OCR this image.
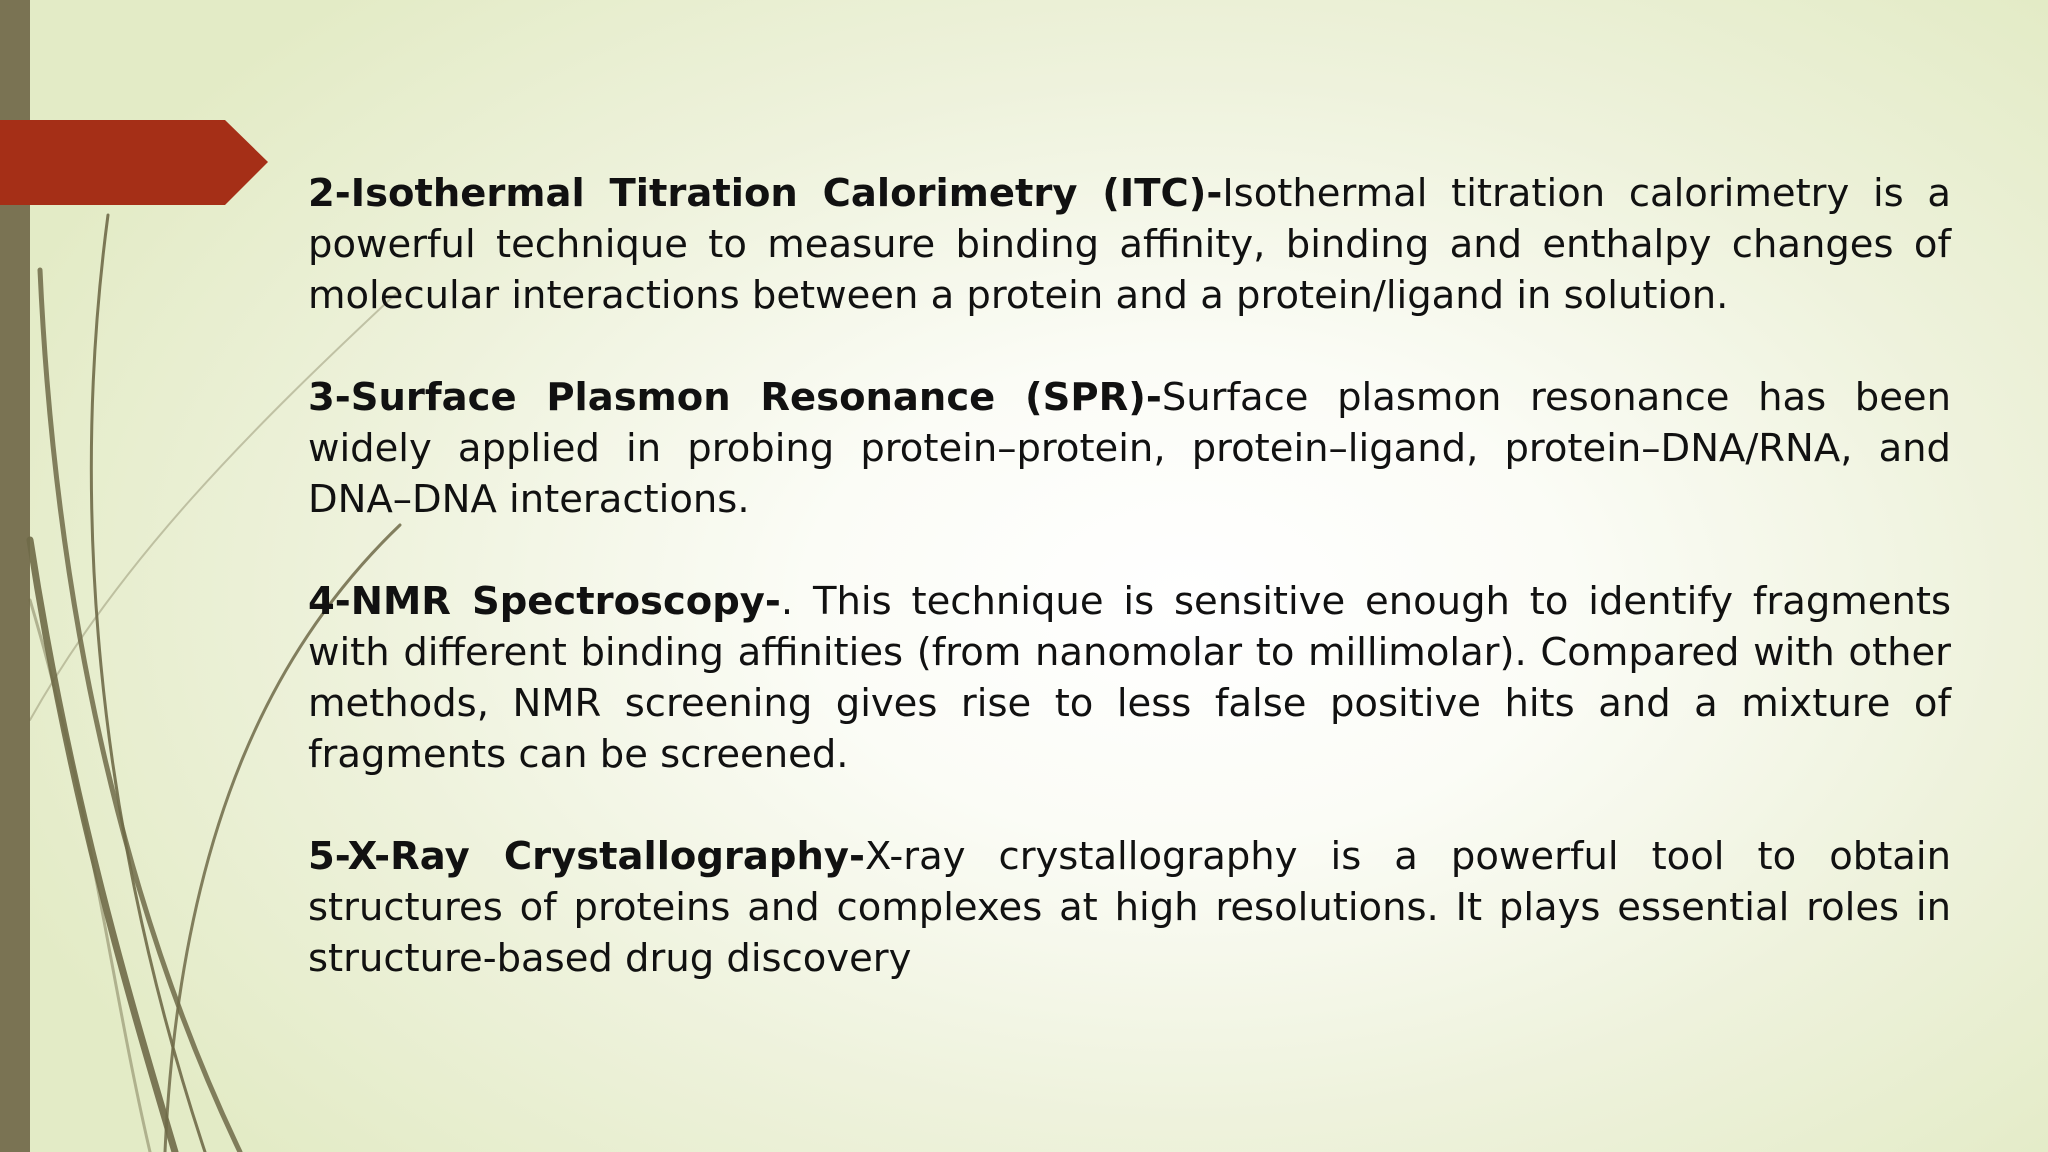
2-Isothermal Titration Calorimetry (ITC)-Isothermal titration calorimetry is a powerful technique to measure binding affinity, binding and enthalpy changes of molecular interactions between a protein and a protein/ligand in solution.

3-Surface Plasmon Resonance (SPR)-Surface plasmon resonance has been widely applied in probing protein–protein, protein–ligand, protein–DNA/RNA, and DNA–DNA interactions.

4-NMR Spectroscopy-. This technique is sensitive enough to identify fragments with different binding affinities (from nanomolar to millimolar). Compared with other methods, NMR screening gives rise to less false positive hits and a mixture of fragments can be screened.

5-X-Ray Crystallography-X-ray crystallography is a powerful tool to obtain structures of proteins and complexes at high resolutions. It plays essential roles in structure-based drug discovery
